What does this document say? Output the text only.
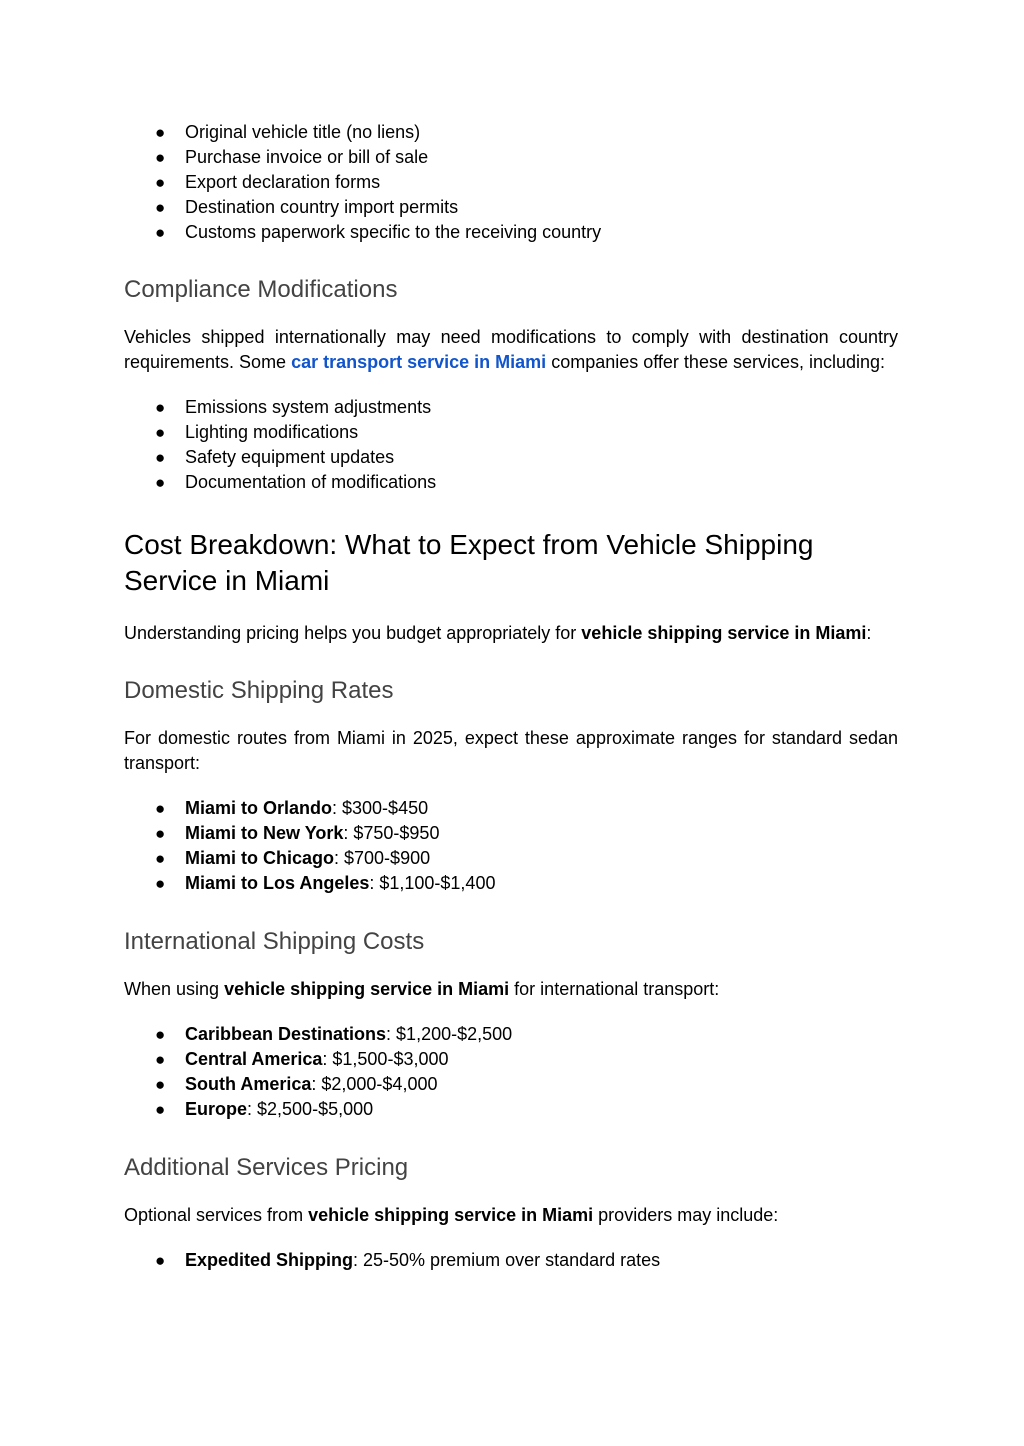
● Original vehicle title (no liens)
● Purchase invoice or bill of sale
● Export declaration forms
● Destination country import permits
● Customs paperwork specific to the receiving country
Compliance Modifications

Vehicles shipped internationally may need modifications to comply with destination country requirements. Some car transport service in Miami companies offer these services, including:

● Emissions system adjustments
● Lighting modifications
● Safety equipment updates
● Documentation of modifications
Cost Breakdown: What to Expect from Vehicle Shipping
Service in Miami

Understanding pricing helps you budget appropriately for vehicle shipping service in Miami:

Domestic Shipping Rates

For domestic routes from Miami in 2025, expect these approximate ranges for standard sedan transport:

● Miami to Orlando: $300-$450
● Miami to New York: $750-$950
● Miami to Chicago: $700-$900
● Miami to Los Angeles: $1,100-$1,400
International Shipping Costs

When using vehicle shipping service in Miami for international transport:

● Caribbean Destinations: $1,200-$2,500
● Central America: $1,500-$3,000
● South America: $2,000-$4,000
● Europe: $2,500-$5,000
Additional Services Pricing

Optional services from vehicle shipping service in Miami providers may include:

● Expedited Shipping: 25-50% premium over standard rates
